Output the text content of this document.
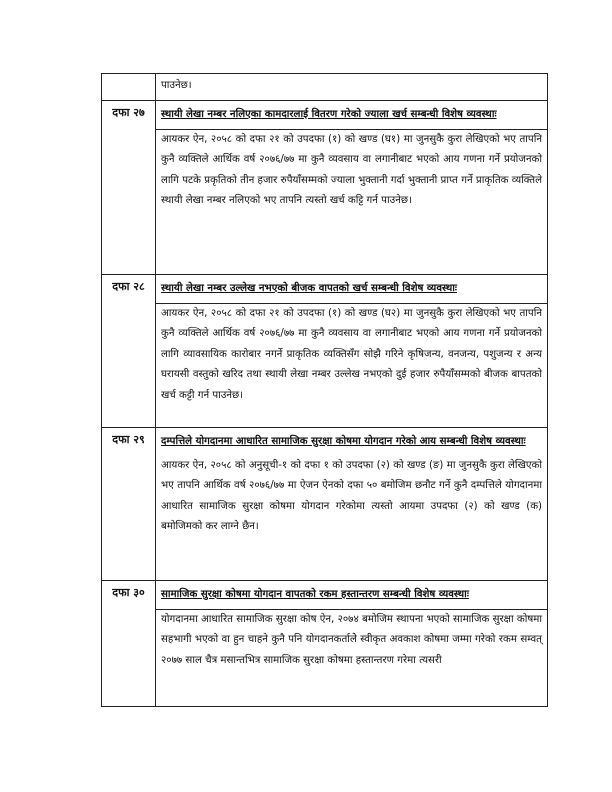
	पाउनेछ।

दफा २७	स्थायी लेखा नम्बर नलिएका कामदारलाई वितरण गरेको ज्याला खर्च सम्बन्धी विशेष व्यवस्थाः

आयकर ऐन, २०५८ को दफा २१ को उपदफा (१) को खण्ड (घ१) मा जुनसुकै कुरा लेखिएको भए तापनि कुनै व्यक्तिले आर्थिक वर्ष २०७६/७७ मा कुनै व्यवसाय वा लगानीबाट भएको आय गणना गर्ने प्रयोजनको लागि पटके प्रकृतिको तीन हजार रुपैयाँसम्मको ज्याला भुक्तानी गर्दा भुक्तानी प्राप्त गर्ने प्राकृतिक व्यक्तिले स्थायी लेखा नम्बर नलिएको भए तापनि त्यस्तो खर्च कट्टि गर्न पाउनेछ।

दफा २८	स्थायी लेखा नम्बर उल्लेख नभएको बीजक वापतको खर्च सम्बन्धी विशेष व्यवस्थाः

आयकर ऐन, २०५८ को दफा २१ को उपदफा (१) को खण्ड (घ२) मा जुनसुकै कुरा लेखिएको भए तापनि कुनै व्यक्तिले आर्थिक वर्ष २०७६/७७ मा कुनै व्यवसाय वा लगानीबाट भएको आय गणना गर्ने प्रयोजनको लागि व्यावसायिक कारोबार नगर्ने प्राकृतिक व्यक्तिसँग सोझै गरिने कृषिजन्य, वनजन्य, पशुजन्य र अन्य घरायसी वस्तुको खरिद तथा स्थायी लेखा नम्बर उल्लेख नभएको दुई हजार रुपैयाँसम्मको बीजक बापतको खर्च कट्टी गर्न पाउनेछ।

दफा २९	दम्पत्तिले योगदानमा आधारित सामाजिक सुरक्षा कोषमा योगदान गरेको आय सम्बन्धी विशेष व्यवस्थाः

आयकर ऐन, २०५८ को अनुसूची-१ को दफा १ को उपदफा (२) को खण्ड (ङ) मा जुनसुकै कुरा लेखिएको भए तापनि आर्थिक वर्ष २०७६/७७ मा ऐजन ऐनको दफा ५० बमोजिम छनौट गर्ने कुनै दम्पत्तिले योगदानमा आधारित सामाजिक सुरक्षा कोषमा योगदान गरेकोमा त्यस्तो आयमा उपदफा (२) को खण्ड (क) बमोजिमको कर लाग्ने छैन।

दफा ३०	सामाजिक सुरक्षा कोषमा योगदान वापतको रकम हस्तान्तरण सम्बन्धी विशेष व्यवस्थाः

योगदानमा आधारित सामाजिक सुरक्षा कोष ऐन, २०७४ बमोजिम स्थापना भएको सामाजिक सुरक्षा कोषमा सहभागी भएको वा हुन चाहने कुनै पनि योगदानकर्तालेे स्वीकृत अवकाश कोषमा जम्मा गरेको रकम सम्वत् २०७७ साल चैत्र मसान्तभित्र सामाजिक सुरक्षा कोषमा हस्तान्तरण गरेमा त्यसरी
